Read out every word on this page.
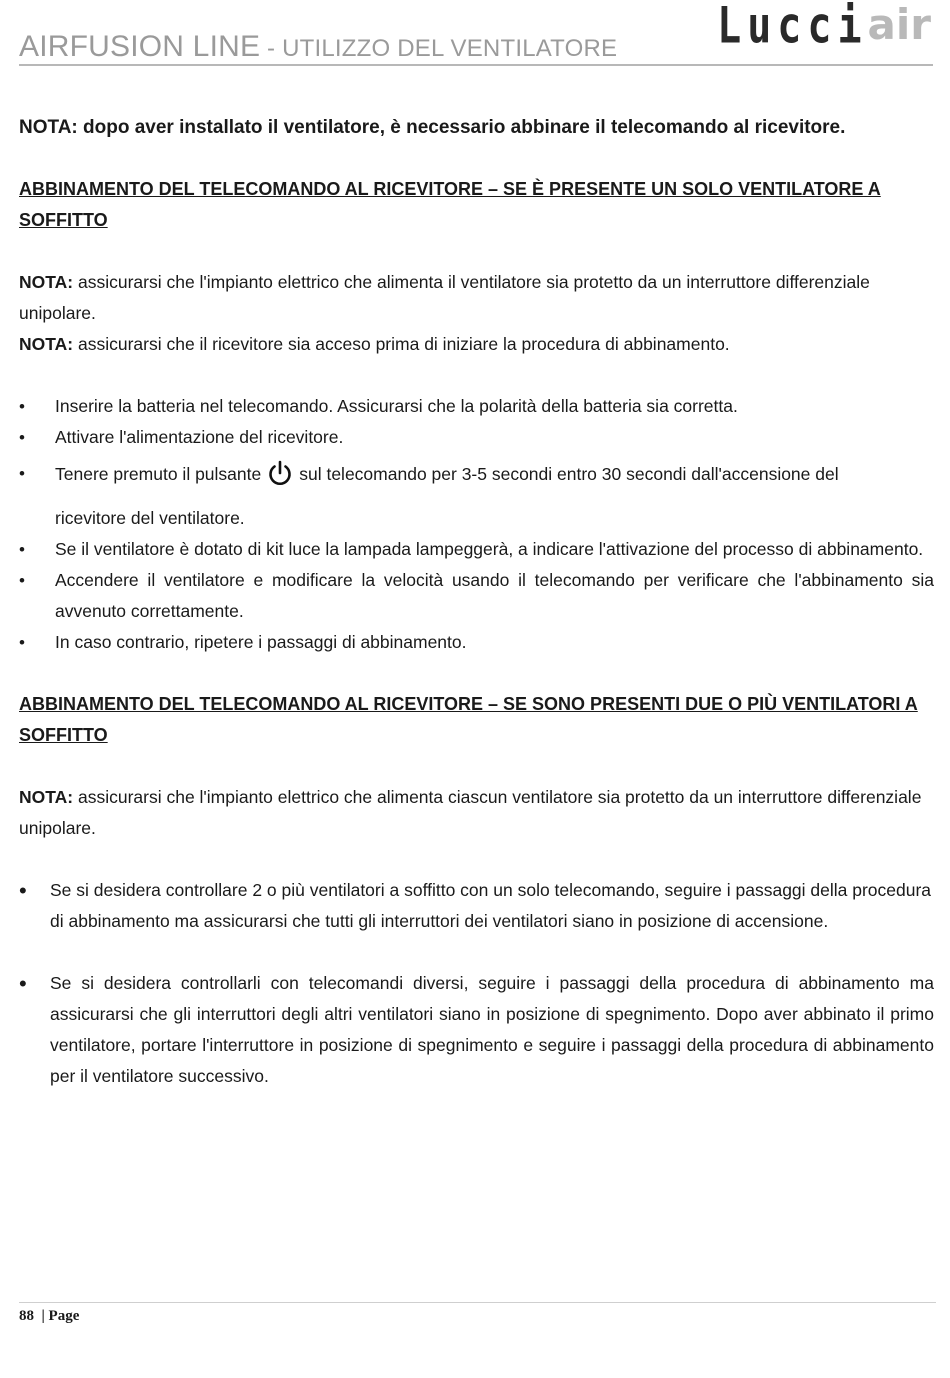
AIRFUSION LINE - UTILIZZO DEL VENTILATORE Lucciair

NOTA: dopo aver installato il ventilatore, è necessario abbinare il telecomando al ricevitore.

ABBINAMENTO DEL TELECOMANDO AL RICEVITORE – SE È PRESENTE UN SOLO VENTILATORE A SOFFITTO

NOTA: assicurarsi che l'impianto elettrico che alimenta il ventilatore sia protetto da un interruttore differenziale unipolare.

NOTA: assicurarsi che il ricevitore sia acceso prima di iniziare la procedura di abbinamento.

• Inserire la batteria nel telecomando. Assicurarsi che la polarità della batteria sia corretta.
• Attivare l'alimentazione del ricevitore.
• Tenere premuto il pulsante sul telecomando per 3-5 secondi entro 30 secondi dall'accensione del
ricevitore del ventilatore.
• Se il ventilatore è dotato di kit luce la lampada lampeggerà, a indicare l'attivazione del processo di abbinamento.
• Accendere il ventilatore e modificare la velocità usando il telecomando per verificare che l'abbinamento sia avvenuto correttamente.
• In caso contrario, ripetere i passaggi di abbinamento.

ABBINAMENTO DEL TELECOMANDO AL RICEVITORE – SE SONO PRESENTI DUE O PIÙ VENTILATORI A SOFFITTO

NOTA: assicurarsi che l'impianto elettrico che alimenta ciascun ventilatore sia protetto da un interruttore differenziale unipolare.

• Se si desidera controllare 2 o più ventilatori a soffitto con un solo telecomando, seguire i passaggi della procedura di abbinamento ma assicurarsi che tutti gli interruttori dei ventilatori siano in posizione di accensione.
• Se si desidera controllarli con telecomandi diversi, seguire i passaggi della procedura di abbinamento ma assicurarsi che gli interruttori degli altri ventilatori siano in posizione di spegnimento. Dopo aver abbinato il primo ventilatore, portare l'interruttore in posizione di spegnimento e seguire i passaggi della procedura di abbinamento per il ventilatore successivo.
88  | Page
